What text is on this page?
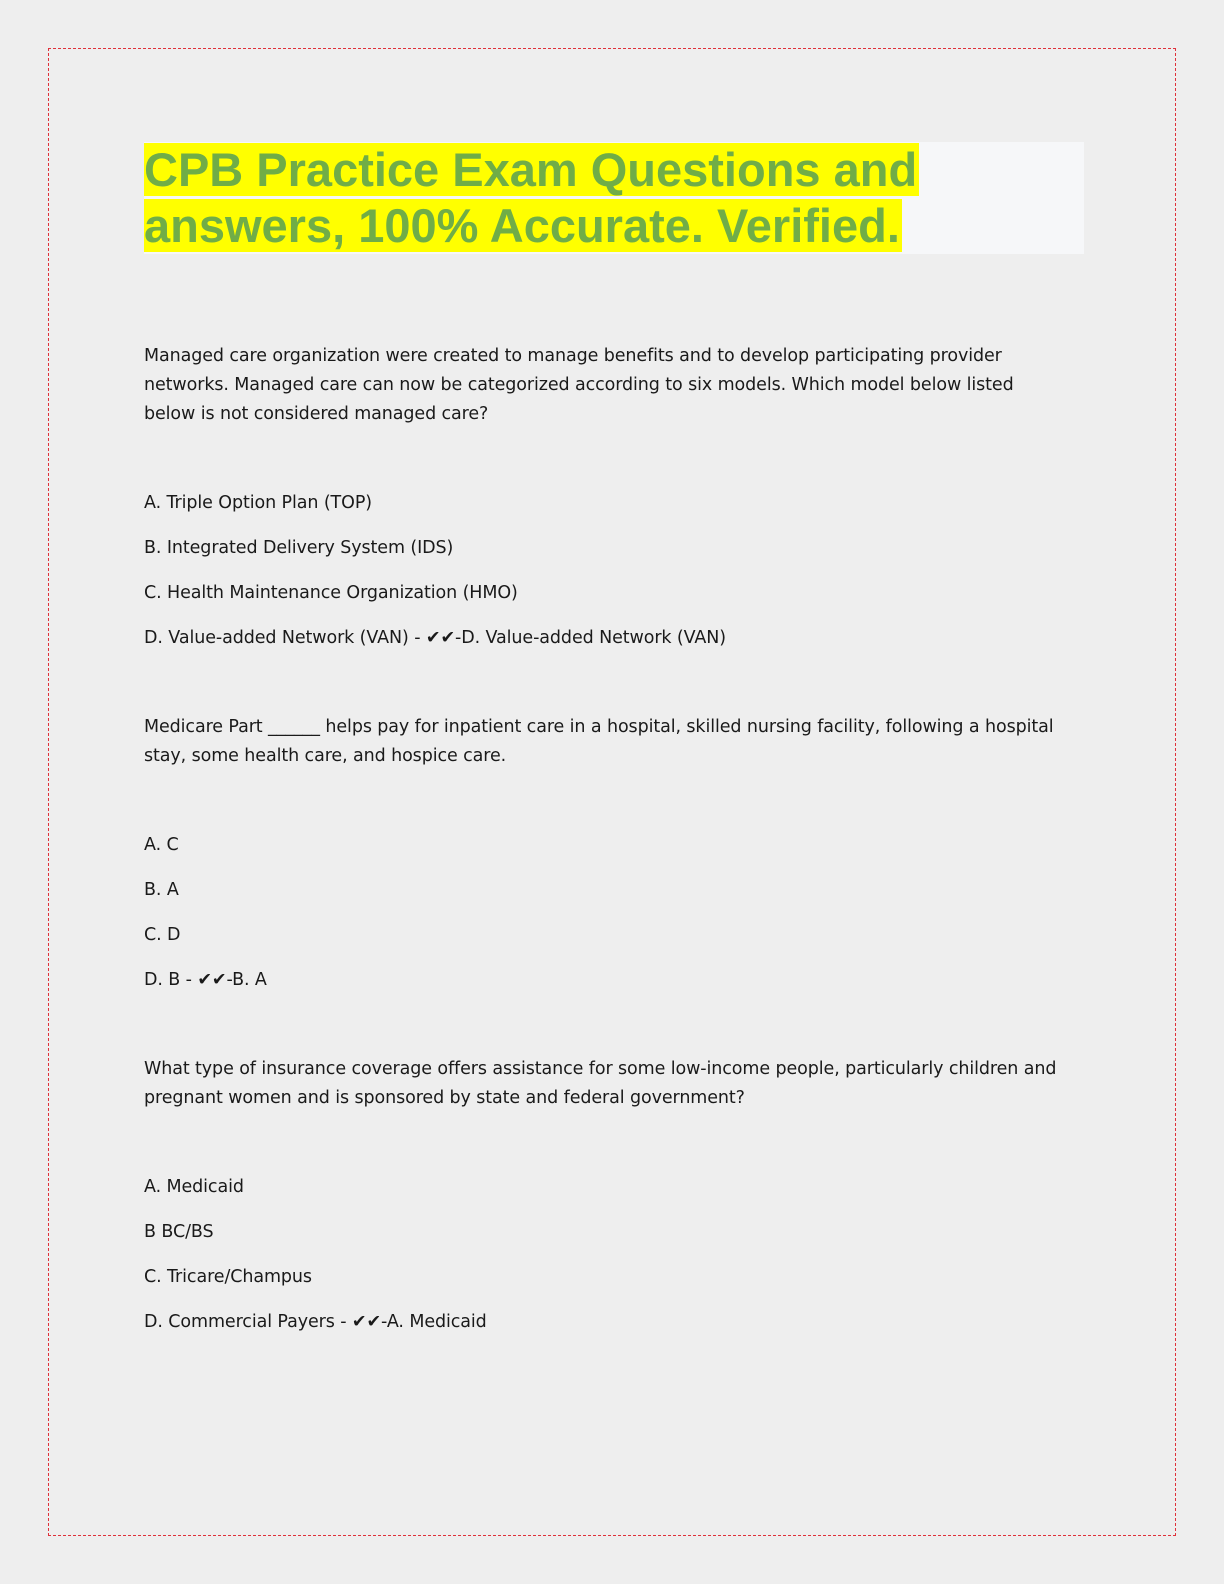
CPB Practice Exam Questions and
answers, 100% Accurate. Verified.

Managed care organization were created to manage benefits and to develop participating provider networks. Managed care can now be categorized according to six models. Which model below listed below is not considered managed care?

A. Triple Option Plan (TOP)

B. Integrated Delivery System (IDS)

C. Health Maintenance Organization (HMO)

D. Value-added Network (VAN) - ✔✔-D. Value-added Network (VAN)

Medicare Part ______ helps pay for inpatient care in a hospital, skilled nursing facility, following a hospital stay, some health care, and hospice care.

A. C

B. A

C. D

D. B - ✔✔-B. A

What type of insurance coverage offers assistance for some low-income people, particularly children and pregnant women and is sponsored by state and federal government?

A. Medicaid

B BC/BS

C. Tricare/Champus

D. Commercial Payers - ✔✔-A. Medicaid
